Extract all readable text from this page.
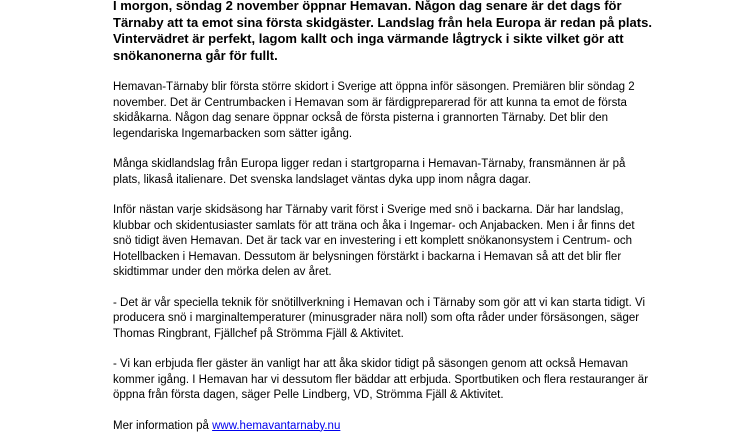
I morgon, söndag 2 november öppnar Hemavan. Någon dag senare är det dags för Tärnaby att ta emot sina första skidgäster. Landslag från hela Europa är redan på plats. Vintervädret är perfekt, lagom kallt och inga värmande lågtryck i sikte vilket gör att snökanonerna går för fullt.

Hemavan-Tärnaby blir första större skidort i Sverige att öppna inför säsongen. Premiären blir söndag 2 november. Det är Centrumbacken i Hemavan som är färdigpreparerad för att kunna ta emot de första skidåkarna. Någon dag senare öppnar också de första pisterna i grannorten Tärnaby. Det blir den legendariska Ingemarbacken som sätter igång.

Många skidlandslag från Europa ligger redan i startgroparna i Hemavan-Tärnaby, fransmännen är på plats, likaså italienare. Det svenska landslaget väntas dyka upp inom några dagar.

Inför nästan varje skidsäsong har Tärnaby varit först i Sverige med snö i backarna. Där har landslag, klubbar och skidentusiaster samlats för att träna och åka i Ingemar- och Anjabacken. Men i år finns det snö tidigt även Hemavan. Det är tack var en investering i ett komplett snökanonsystem i Centrum- och Hotellbacken i Hemavan. Dessutom är belysningen förstärkt i backarna i Hemavan så att det blir fler skidtimmar under den mörka delen av året.

- Det är vår speciella teknik för snötillverkning i Hemavan och i Tärnaby som gör att vi kan starta tidigt. Vi producera snö i marginaltemperaturer (minusgrader nära noll) som ofta råder under försäsongen, säger Thomas Ringbrant, Fjällchef på Strömma Fjäll & Aktivitet.

- Vi kan erbjuda fler gäster än vanligt har att åka skidor tidigt på säsongen genom att också Hemavan kommer igång. I Hemavan har vi dessutom fler bäddar att erbjuda. Sportbutiken och flera restauranger är öppna från första dagen, säger Pelle Lindberg, VD, Strömma Fjäll & Aktivitet.

Mer information på www.hemavantarnaby.nu
